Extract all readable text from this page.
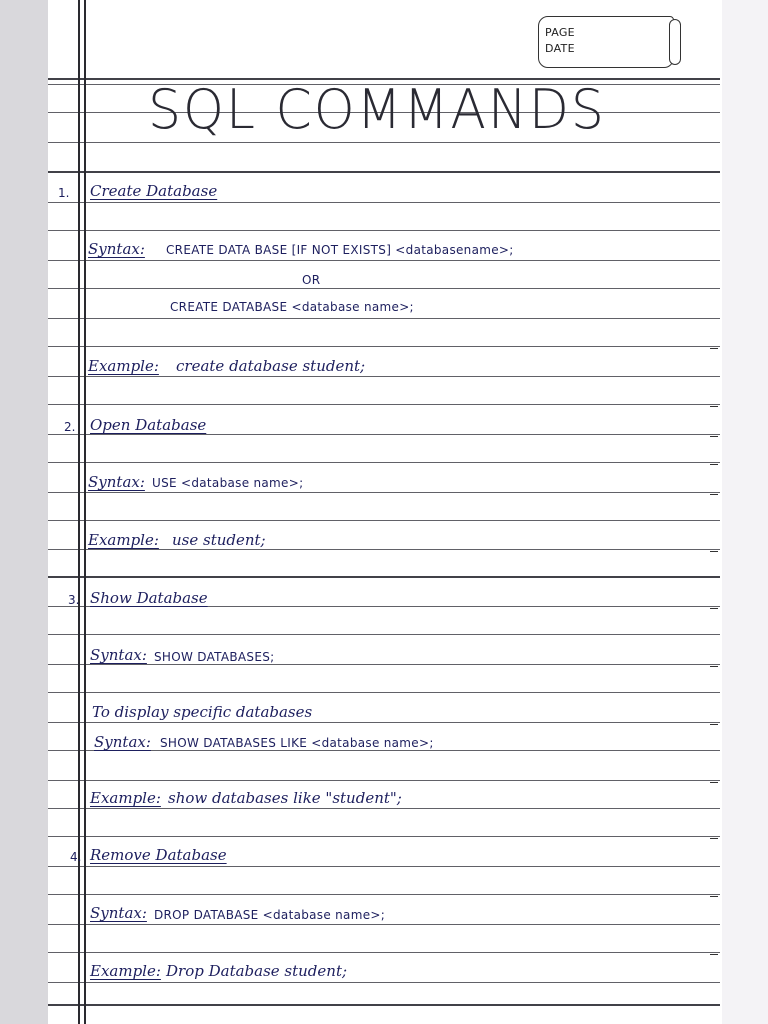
PAGE
DATE
SQL COMMANDS
1. Create Database
Syntax: CREATE DATA BASE [IF NOT EXISTS] <databasename>;
OR
CREATE DATABASE <database name>;
Example: create database student;
2. Open Database
Syntax: USE <database name>;
Example: use student;
3. Show Database
Syntax: SHOW DATABASES;
To display specific databases
Syntax: SHOW DATABASES LIKE <database name>;
Example: show databases like "student";
4. Remove Database
Syntax: DROP DATABASE <database name>;
Example: Drop Database student;
